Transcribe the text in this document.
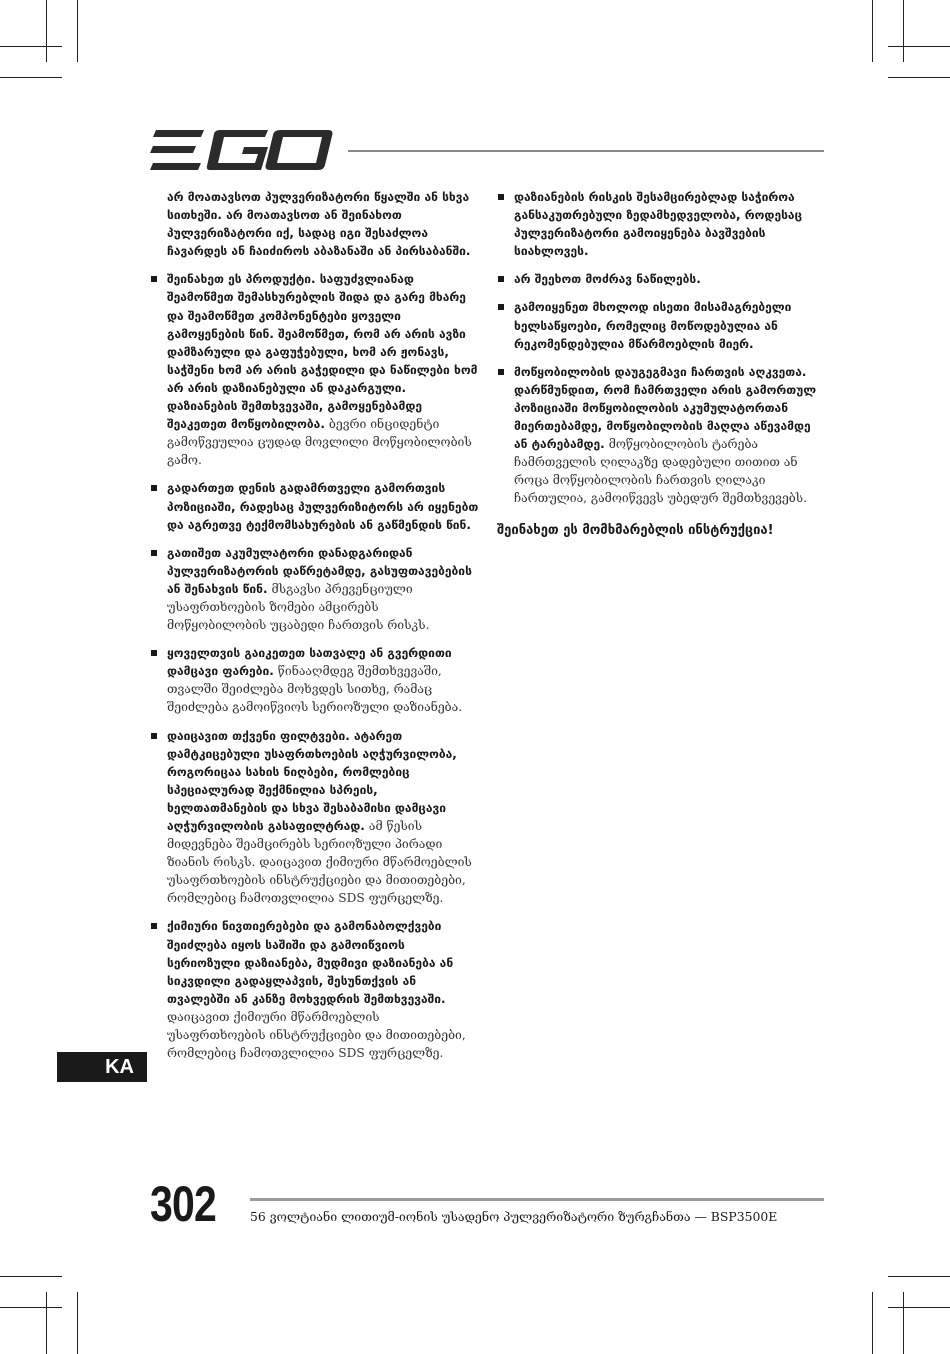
არ მოათავსოთ პულვერიზატორი წყალში ან სხვა სითხეში. არ მოათავსოთ ან შეინახოთ პულვერიზატორი იქ, სადაც იგი შესაძლოა ჩავარდეს ან ჩაიძიროს აბაზანაში ან პირსაბანში.

შეინახეთ ეს პროდუქტი. საფუძვლიანად შეამოწმეთ შემასხურებლის შიდა და გარე მხარე და შეამოწმეთ კომპონენტები ყოველი გამოყენების წინ. შეამოწმეთ, რომ არ არის ავზი დამზარული და გაფუჭებული, ხომ არ ჟონავს, საჭშენი ხომ არ არის გაჭედილი და ნაწილები ხომ არ არის დაზიანებული ან დაკარგული. დაზიანების შემთხვევაში, გამოყენებამდე შეაკეთეთ მოწყობილობა. ბევრი ინციდენტი გამოწვეულია ცუდად მოვლილი მოწყობილობის გამო.
გადართეთ დენის გადამრთველი გამორთვის პოზიციაში, რადესაც პულვერიზიტორს არ იყენებთ და აგრეთვე ტექმომსახურების ან გაწმენდის წინ.
გათიშეთ აკუმულატორი დანადგარიდან პულვერიზატორის დაწრეტამდე, გასუფთავებების ან შენახვის წინ. მსგავსი პრევენციული უსაფრთხოების ზომები ამცირებს მოწყობილობის უცაბედი ჩართვის რისკს.
ყოველთვის გაიკეთეთ სათვალე ან გვერდითი დამცავი ფარები. წინააღმდეგ შემთხვევაში, თვალში შეიძლება მოხვდეს სითხე, რამაც შეიძლება გამოიწვიოს სერიოზული დაზიანება.
დაიცავით თქვენი ფილტვები. ატარეთ დამტკიცებული უსაფრთხოების აღჭურვილობა, როგორიცაა სახის ნიღბები, რომლებიც სპეციალურად შექმნილია სპრეის, ხელთათმანების და სხვა შესაბამისი დამცავი აღჭურვილობის გასაფილტრად. ამ წესის მიდევნება შეამცირებს სერიოზული პირადი ზიანის რისკს. დაიცავით ქიმიური მწარმოებლის უსაფრთხოების ინსტრუქციები და მითითებები, რომლებიც ჩამოთვლილია SDS ფურცელზე.
ქიმიური ნივთიერებები და გამონაბოლქვები შეიძლება იყოს საშიში და გამოიწვიოს სერიოზული დაზიანება, მუდმივი დაზიანება ან სიკვდილი გადაყლაპვის, შესუნთქვის ან თვალებში ან კანზე მოხვედრის შემთხვევაში. დაიცავით ქიმიური მწარმოებლის უსაფრთხოების ინსტრუქციები და მითითებები, რომლებიც ჩამოთვლილია SDS ფურცელზე.
დაზიანების რისკის შესამცირებლად საჭიროა განსაკუთრებული ზედამხედველობა, როდესაც პულვერიზატორი გამოიყენება ბავშვების სიახლოვეს.
არ შეეხოთ მოძრავ ნაწილებს.
გამოიყენეთ მხოლოდ ისეთი მისამაგრებელი ხელსაწყოები, რომელიც მოწოდებულია ან რეკომენდებულია მწარმოებლის მიერ.
მოწყობილობის დაუგეგმავი ჩართვის აღკვეთა. დარწმუნდით, რომ ჩამრთველი არის გამორთულ პოზიციაში მოწყობილობის აკუმულატორთან მიერთებამდე, მოწყობილობის მაღლა აწევამდე ან ტარებამდე. მოწყობილობის ტარება ჩამრთველის ღილაკზე დადებული თითით ან როცა მოწყობილობის ჩართვის ღილაკი ჩართულია, გამოიწვევს უბედურ შემთხვევებს.
შეინახეთ ეს მომხმარებლის ინსტრუქცია!
KA
302	56 ვოლტიანი ლითიუმ-იონის უსადენო პულვერიზატორი ზურგჩანთა — BSP3500E
